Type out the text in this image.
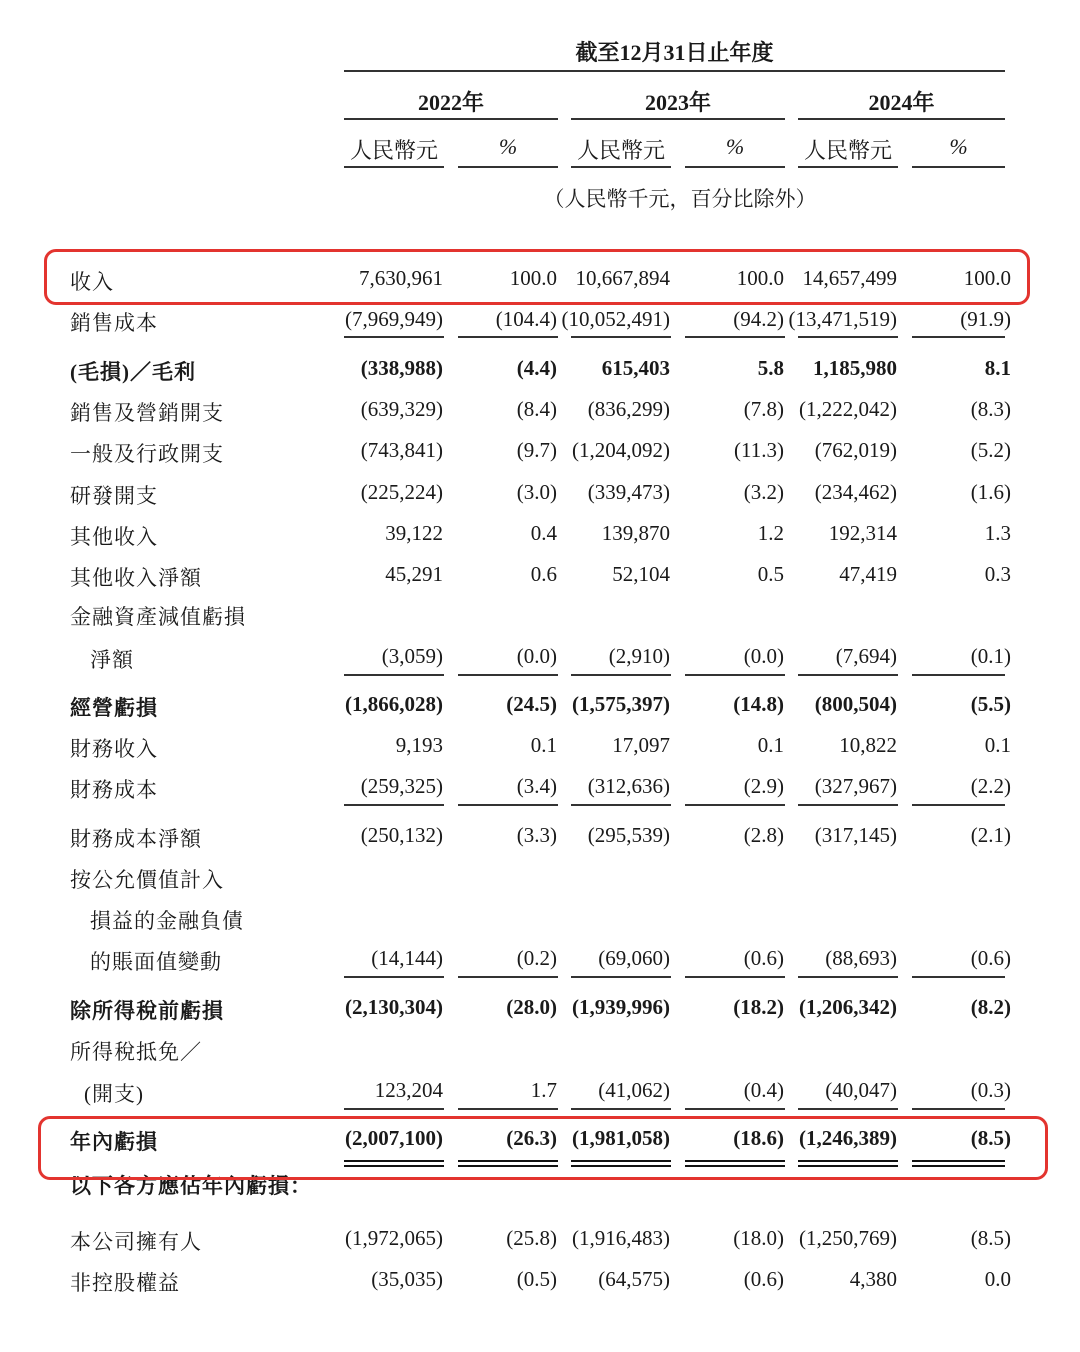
截至12月31日止年度
2022年	2023年	2024年
人民幣元	%	人民幣元	%	人民幣元	%
（人民幣千元，百分比除外）
收入	7,630,961	100.0 10,667,894	100.0 14,657,499	100.0
銷售成本	(7,969,949)	(104.4) (10,052,491)	(94.2) (13,471,519)	(91.9)
(毛損)／毛利	(338,988)	(4.4)	615,403	5.8	1,185,980	8.1
銷售及營銷開支	(639,329)	(8.4)	(836,299)	(7.8) (1,222,042)	(8.3)
一般及行政開支	(743,841)	(9.7) (1,204,092)	(11.3)	(762,019)	(5.2)
研發開支	(225,224)	(3.0)	(339,473)	(3.2)	(234,462)	(1.6)
其他收入	39,122	0.4	139,870	1.2	192,314	1.3
其他收入淨額	45,291	0.6	52,104	0.5	47,419	0.3
金融資產減值虧損
淨額	(3,059)	(0.0)	(2,910)	(0.0)	(7,694)	(0.1)
經營虧損	(1,866,028)	(24.5) (1,575,397)	(14.8)	(800,504)	(5.5)
財務收入	9,193	0.1	17,097	0.1	10,822	0.1
財務成本	(259,325)	(3.4)	(312,636)	(2.9)	(327,967)	(2.2)
財務成本淨額	(250,132)	(3.3)	(295,539)	(2.8)	(317,145)	(2.1)
按公允價值計入
損益的金融負債
的賬面值變動	(14,144)	(0.2)	(69,060)	(0.6)	(88,693)	(0.6)
除所得稅前虧損	(2,130,304)	(28.0) (1,939,996)	(18.2) (1,206,342)	(8.2)
所得稅抵免／
(開支)	123,204	1.7	(41,062)	(0.4)	(40,047)	(0.3)
年內虧損	(2,007,100)	(26.3) (1,981,058)	(18.6) (1,246,389)	(8.5)
以下各方應佔年內虧損：
本公司擁有人	(1,972,065)	(25.8) (1,916,483)	(18.0) (1,250,769)	(8.5)
非控股權益	(35,035)	(0.5)	(64,575)	(0.6)	4,380	0.0
